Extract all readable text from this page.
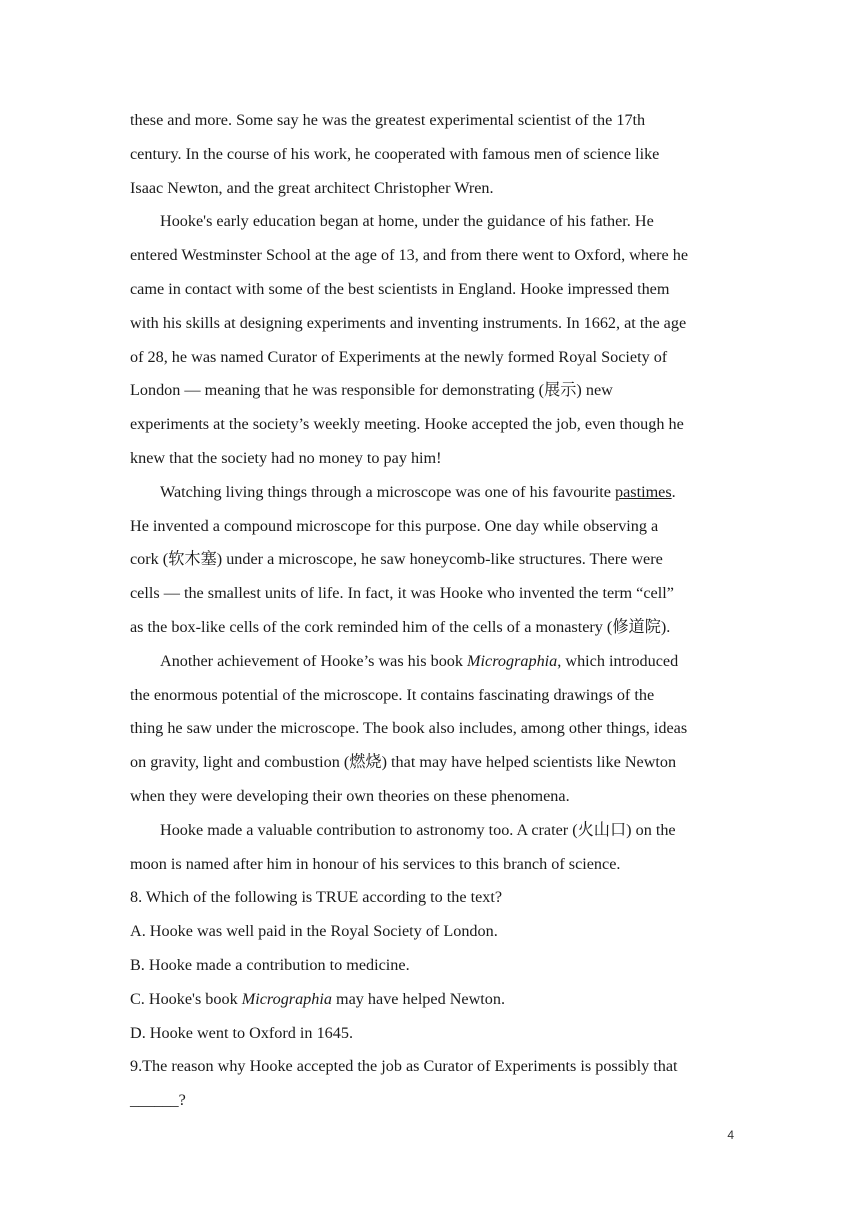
these and more. Some say he was the greatest experimental scientist of the 17th
century. In the course of his work, he cooperated with famous men of science like
Isaac Newton, and the great architect Christopher Wren.
Hooke's early education began at home, under the guidance of his father. He
entered Westminster School at the age of 13, and from there went to Oxford, where he
came in contact with some of the best scientists in England. Hooke impressed them
with his skills at designing experiments and inventing instruments. In 1662, at the age
of 28, he was named Curator of Experiments at the newly formed Royal Society of
London — meaning that he was responsible for demonstrating (展示) new
experiments at the society’s weekly meeting. Hooke accepted the job, even though he
knew that the society had no money to pay him!
Watching living things through a microscope was one of his favourite pastimes.
He invented a compound microscope for this purpose. One day while observing a
cork (软木塞) under a microscope, he saw honeycomb-like structures. There were
cells — the smallest units of life. In fact, it was Hooke who invented the term “cell”
as the box-like cells of the cork reminded him of the cells of a monastery (修道院).
Another achievement of Hooke’s was his book Micrographia, which introduced
the enormous potential of the microscope. It contains fascinating drawings of the
thing he saw under the microscope. The book also includes, among other things, ideas
on gravity, light and combustion (燃烧) that may have helped scientists like Newton
when they were developing their own theories on these phenomena.
Hooke made a valuable contribution to astronomy too. A crater (火山口) on the
moon is named after him in honour of his services to this branch of science.
8. Which of the following is TRUE according to the text?
A. Hooke was well paid in the Royal Society of London.
B. Hooke made a contribution to medicine.
C. Hooke's book Micrographia may have helped Newton.
D. Hooke went to Oxford in 1645.
9.The reason why Hooke accepted the job as Curator of Experiments is possibly that
______?
4
